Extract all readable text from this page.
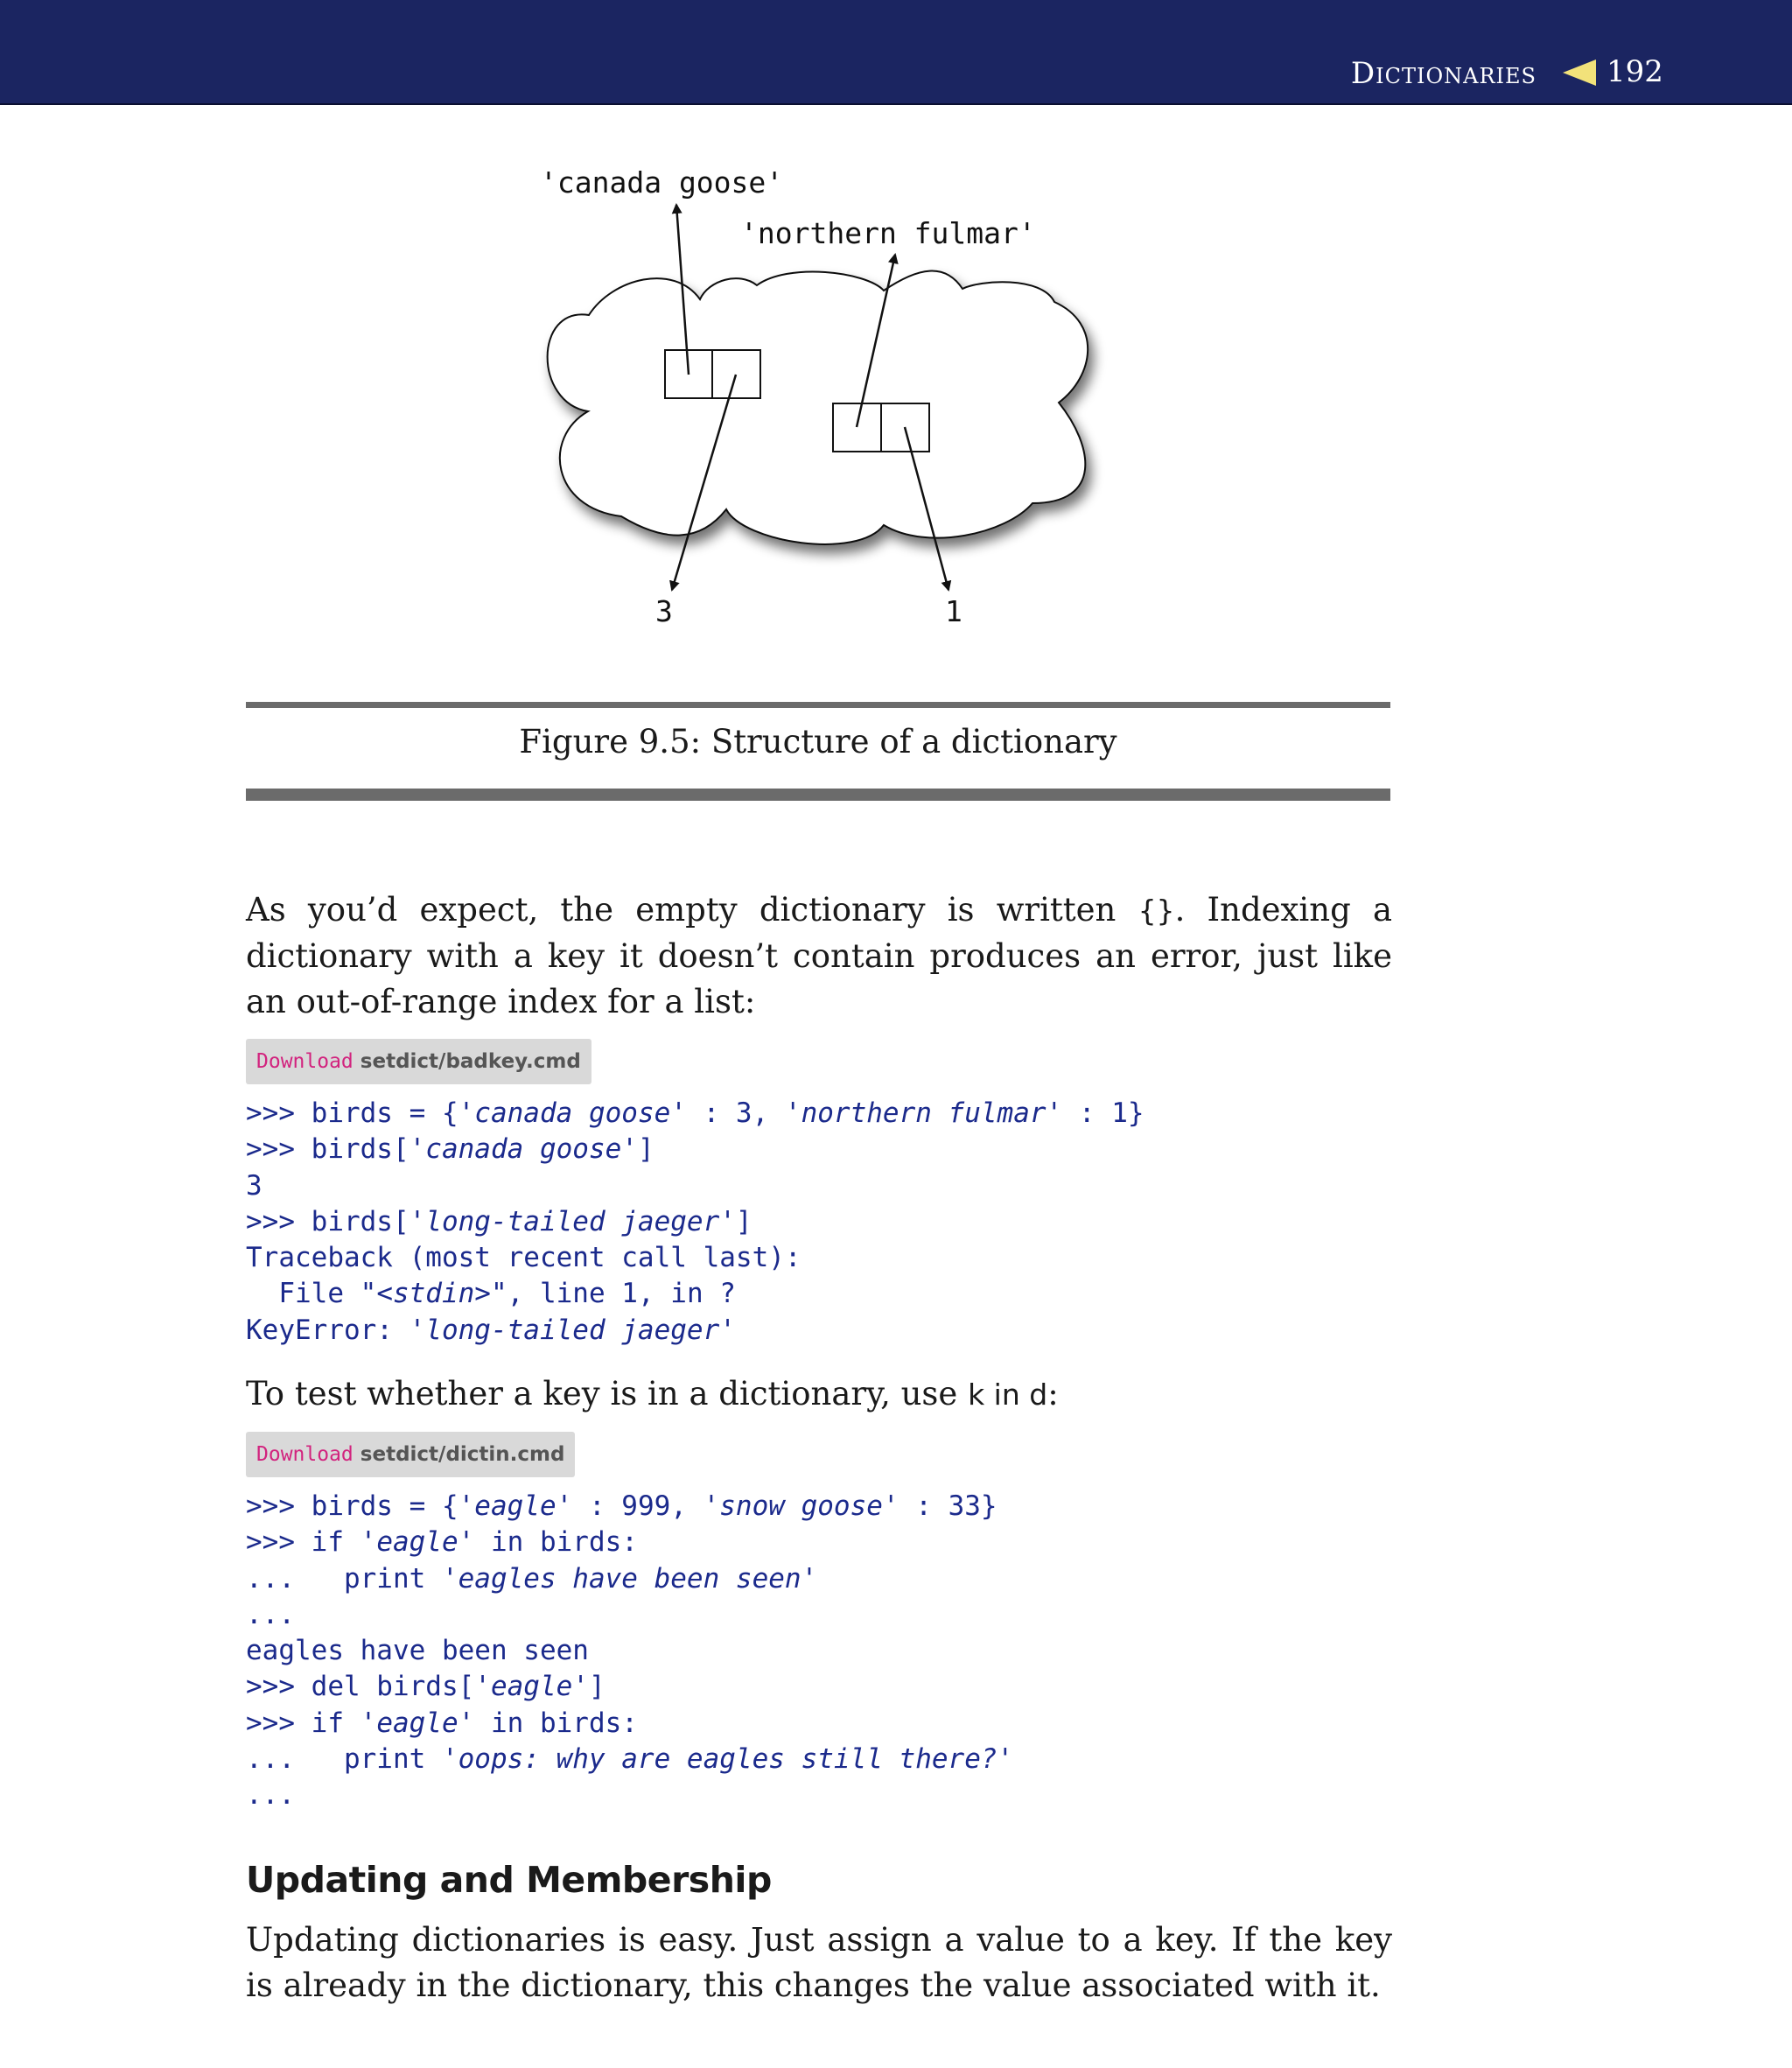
Dictionaries 192
'canada goose'
'northern fulmar'
3	1
Figure 9.5: Structure of a dictionary
As you’d expect, the empty dictionary is written {}. Indexing a dictionary with a key it doesn’t contain produces an error, just like an out-of-range index for a list:
Download setdict/badkey.cmd
>>> birds = {'canada goose' : 3, 'northern fulmar' : 1}
>>> birds['canada goose']
3
>>> birds['long-tailed jaeger']
Traceback (most recent call last):
File "<stdin>", line 1, in ?
KeyError: 'long-tailed jaeger'
To test whether a key is in a dictionary, use k in d:
Download setdict/dictin.cmd
>>> birds = {'eagle' : 999, 'snow goose' : 33}
>>> if 'eagle' in birds:
...   print 'eagles have been seen'
...
eagles have been seen
>>> del birds['eagle']
>>> if 'eagle' in birds:
...   print 'oops: why are eagles still there?'
...
Updating and Membership
Updating dictionaries is easy. Just assign a value to a key. If the key is already in the dictionary, this changes the value associated with it.
